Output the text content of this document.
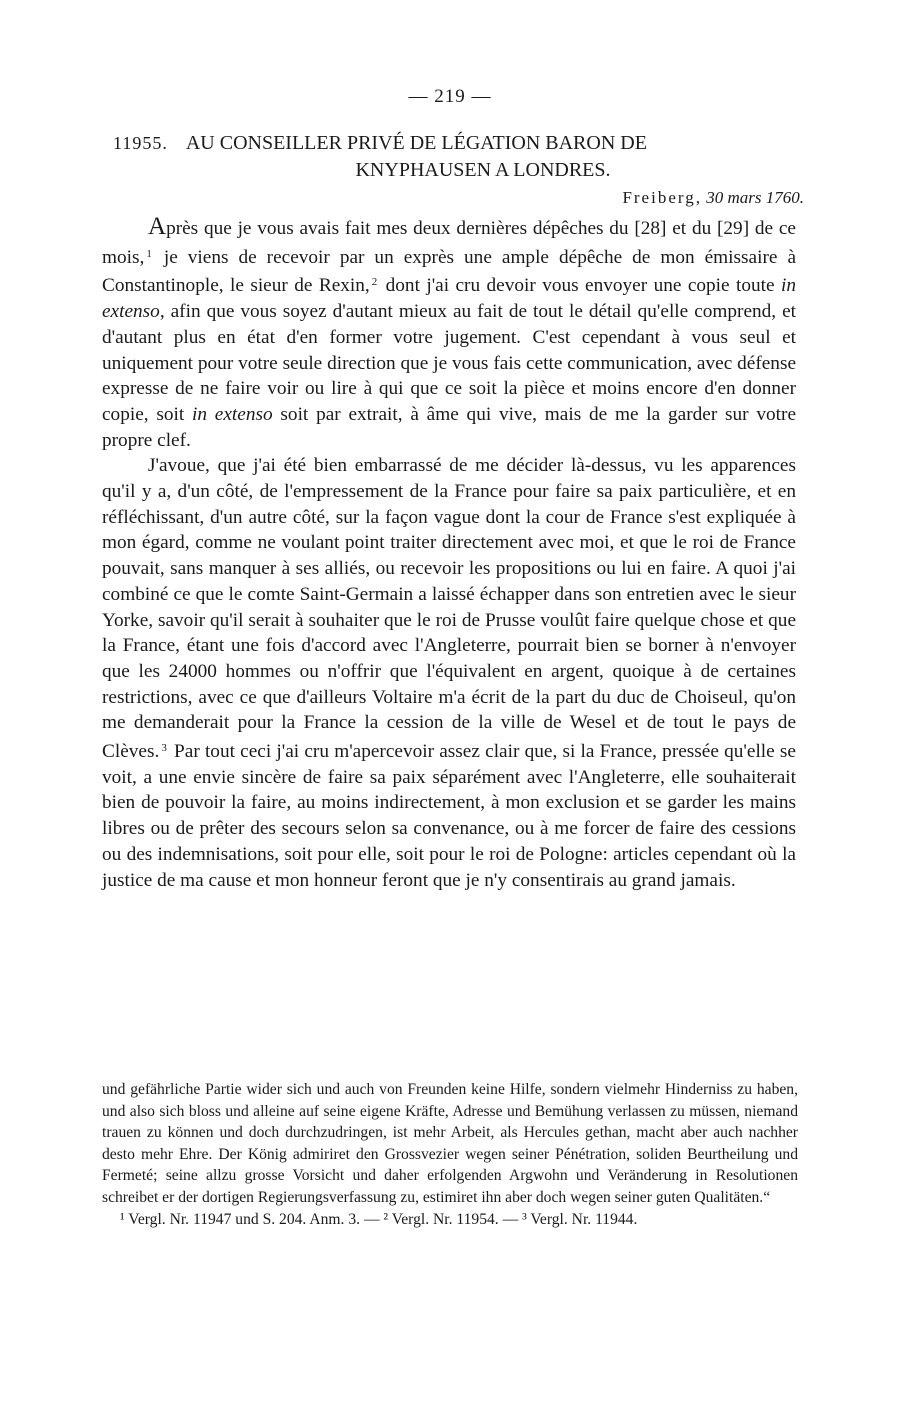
— 219 —
11955. AU CONSEILLER PRIVÉ DE LÉGATION BARON DE
KNYPHAUSEN A LONDRES.
Freiberg, 30 mars 1760.

Après que je vous avais fait mes deux dernières dépêches du [28] et du [29] de ce mois, $^1$ je viens de recevoir par un exprès une ample dépêche de mon émissaire à Constantinople, le sieur de Rexin, $^2$ dont j'ai cru devoir vous envoyer une copie toute in extenso, afin que vous soyez d'autant mieux au fait de tout le détail qu'elle comprend, et d'autant plus en état d'en former votre jugement. C'est cependant à vous seul et uniquement pour votre seule direction que je vous fais cette communication, avec défense expresse de ne faire voir ou lire à qui que ce soit la pièce et moins encore d'en donner copie, soit in extenso soit par extrait, à âme qui vive, mais de me la garder sur votre propre clef.

J'avoue, que j'ai été bien embarrassé de me décider là-dessus, vu les apparences qu'il y a, d'un côté, de l'empressement de la France pour faire sa paix particulière, et en réfléchissant, d'un autre côté, sur la façon vague dont la cour de France s'est expliquée à mon égard, comme ne voulant point traiter directement avec moi, et que le roi de France pouvait, sans manquer à ses alliés, ou recevoir les propositions ou lui en faire. A quoi j'ai combiné ce que le comte Saint-Germain a laissé échapper dans son entretien avec le sieur Yorke, savoir qu'il serait à souhaiter que le roi de Prusse voulût faire quelque chose et que la France, étant une fois d'accord avec l'Angleterre, pourrait bien se borner à n'envoyer que les 24000 hommes ou n'offrir que l'équivalent en argent, quoique à de certaines restrictions, avec ce que d'ailleurs Voltaire m'a écrit de la part du duc de Choiseul, qu'on me demanderait pour la France la cession de la ville de Wesel et de tout le pays de Clèves. $^3$ Par tout ceci j'ai cru m'apercevoir assez clair que, si la France, pressée qu'elle se voit, a une envie sincère de faire sa paix séparément avec l'Angleterre, elle souhaiterait bien de pouvoir la faire, au moins indirectement, à mon exclusion et se garder les mains libres ou de prêter des secours selon sa convenance, ou à me forcer de faire des cessions ou des indemnisations, soit pour elle, soit pour le roi de Pologne: articles cependant où la justice de ma cause et mon honneur feront que je n'y consentirais au grand jamais.

und gefährliche Partie wider sich und auch von Freunden keine Hilfe, sondern vielmehr Hinderniss zu haben, und also sich bloss und alleine auf seine eigene Kräfte, Adresse und Bemühung verlassen zu müssen, niemand trauen zu können und doch durchzudringen, ist mehr Arbeit, als Hercules gethan, macht aber auch nachher desto mehr Ehre. Der König admiriret den Grossvezier wegen seiner Pénétration, soliden Beurtheilung und Fermeté; seine allzu grosse Vorsicht und daher erfolgenden Argwohn und Veränderung in Resolutionen schreibet er der dortigen Regierungsverfassung zu, estimiret ihn aber doch wegen seiner guten Qualitäten.“

¹ Vergl. Nr. 11947 und S. 204. Anm. 3. — ² Vergl. Nr. 11954. — ³ Vergl. Nr. 11944.
